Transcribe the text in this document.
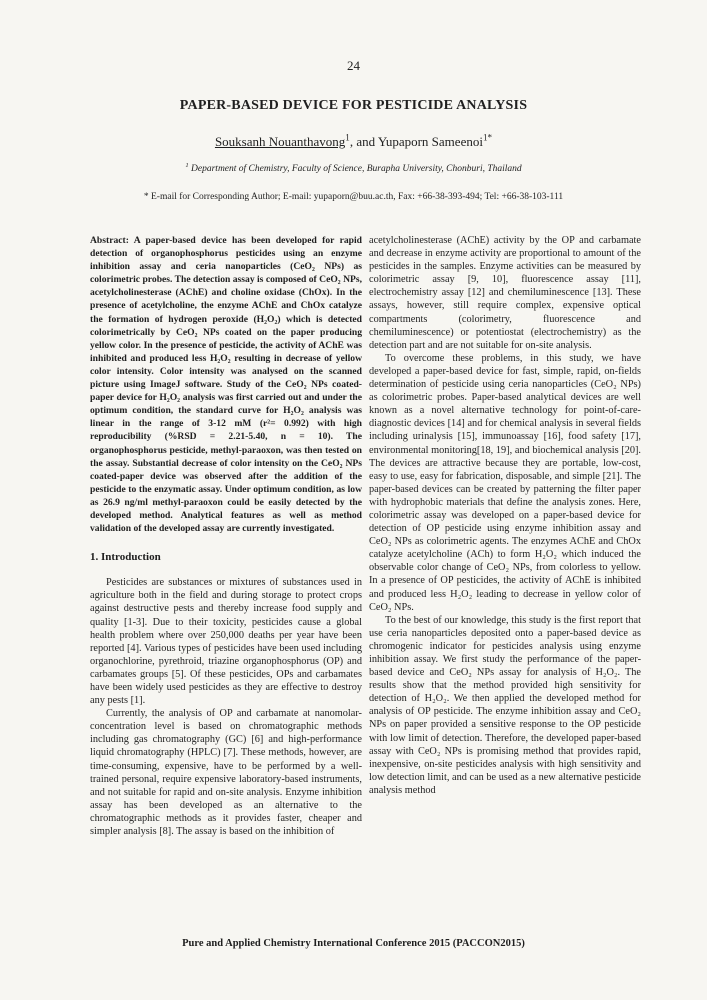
24
PAPER-BASED DEVICE FOR PESTICIDE ANALYSIS
Souksanh Nouanthavong$^1$, and Yupaporn Sameenoi$^{1*}$
$^1$ Department of Chemistry, Faculty of Science, Burapha University, Chonburi, Thailand
* E-mail for Corresponding Author; E-mail: yupaporn@buu.ac.th, Fax: +66-38-393-494; Tel: +66-38-103-111

Abstract: A paper-based device has been developed for rapid detection of organophosphorus pesticides using an enzyme inhibition assay and ceria nanoparticles (CeO₂ NPs) as colorimetric probes. The detection assay is composed of CeO₂ NPs, acetylcholinesterase (AChE) and choline oxidase (ChOx). In the presence of acetylcholine, the enzyme AChE and ChOx catalyze the formation of hydrogen peroxide (H₂O₂) which is detected colorimetrically by CeO₂ NPs coated on the paper producing yellow color. In the presence of pesticide, the activity of AChE was inhibited and produced less H₂O₂ resulting in decrease of yellow color intensity. Color intensity was analysed on the scanned picture using ImageJ software. Study of the CeO₂ NPs coated-paper device for H₂O₂ analysis was first carried out and under the optimum condition, the standard curve for H₂O₂ analysis was linear in the range of 3-12 mM (r²= 0.992) with high reproducibility (%RSD = 2.21-5.40, n = 10). The organophosphorus pesticide, methyl-paraoxon, was then tested on the assay. Substantial decrease of color intensity on the CeO₂ NPs coated-paper device was observed after the addition of the pesticide to the enzymatic assay. Under optimum condition, as low as 26.9 ng/ml methyl-paraoxon could be easily detected by the developed method. Analytical features as well as method validation of the developed assay are currently investigated.

1. Introduction

Pesticides are substances or mixtures of substances used in agriculture both in the field and during storage to protect crops against destructive pests and thereby increase food supply and quality [1-3]. Due to their toxicity, pesticides cause a global health problem where over 250,000 deaths per year have been reported [4]. Various types of pesticides have been used including organochlorine, pyrethroid, triazine organophosphorus (OP) and carbamates groups [5]. Of these pesticides, OPs and carbamates have been widely used pesticides as they are effective to destroy any pests [1].

Currently, the analysis of OP and carbamate at nanomolar-concentration level is based on chromatographic methods including gas chromatography (GC) [6] and high-performance liquid chromatography (HPLC) [7]. These methods, however, are time-consuming, expensive, have to be performed by a well-trained personal, require expensive laboratory-based instruments, and not suitable for rapid and on-site analysis. Enzyme inhibition assay has been developed as an alternative to the chromatographic methods as it provides faster, cheaper and simpler analysis [8]. The assay is based on the inhibition of

acetylcholinesterase (AChE) activity by the OP and carbamate and decrease in enzyme activity are proportional to amount of the pesticides in the samples. Enzyme activities can be measured by colorimetric assay [9, 10], fluorescence assay [11], electrochemistry assay [12] and chemiluminescence [13]. These assays, however, still require complex, expensive optical compartments (colorimetry, fluorescence and chemiluminescence) or potentiostat (electrochemistry) as the detection part and are not suitable for on-site analysis.

To overcome these problems, in this study, we have developed a paper-based device for fast, simple, rapid, on-fields determination of pesticide using ceria nanoparticles (CeO₂ NPs) as colorimetric probes. Paper-based analytical devices are well known as a novel alternative technology for point-of-care-diagnostic devices [14] and for chemical analysis in several fields including urinalysis [15], immunoassay [16], food safety [17], environmental monitoring[18, 19], and biochemical analysis [20]. The devices are attractive because they are portable, low-cost, easy to use, easy for fabrication, disposable, and simple [21]. The paper-based devices can be created by patterning the filter paper with hydrophobic materials that define the analysis zones. Here, colorimetric assay was developed on a paper-based device for detection of OP pesticide using enzyme inhibition assay and CeO₂ NPs as colorimetric agents. The enzymes AChE and ChOx catalyze acetylcholine (ACh) to form H₂O₂ which induced the observable color change of CeO₂ NPs, from colorless to yellow. In a presence of OP pesticides, the activity of AChE is inhibited and produced less H₂O₂ leading to decrease in yellow color of CeO₂ NPs.

To the best of our knowledge, this study is the first report that use ceria nanoparticles deposited onto a paper-based device as chromogenic indicator for pesticides analysis using enzyme inhibition assay. We first study the performance of the paper-based device and CeO₂ NPs assay for analysis of H₂O₂. The results show that the method provided high sensitivity for detection of H₂O₂. We then applied the developed method for analysis of OP pesticide. The enzyme inhibition assay and CeO₂ NPs on paper provided a sensitive response to the OP pesticide with low limit of detection. Therefore, the developed paper-based assay with CeO₂ NPs is promising method that provides rapid, inexpensive, on-site pesticides analysis with high sensitivity and low detection limit, and can be used as a new alternative pesticide analysis method

Pure and Applied Chemistry International Conference 2015 (PACCON2015)
